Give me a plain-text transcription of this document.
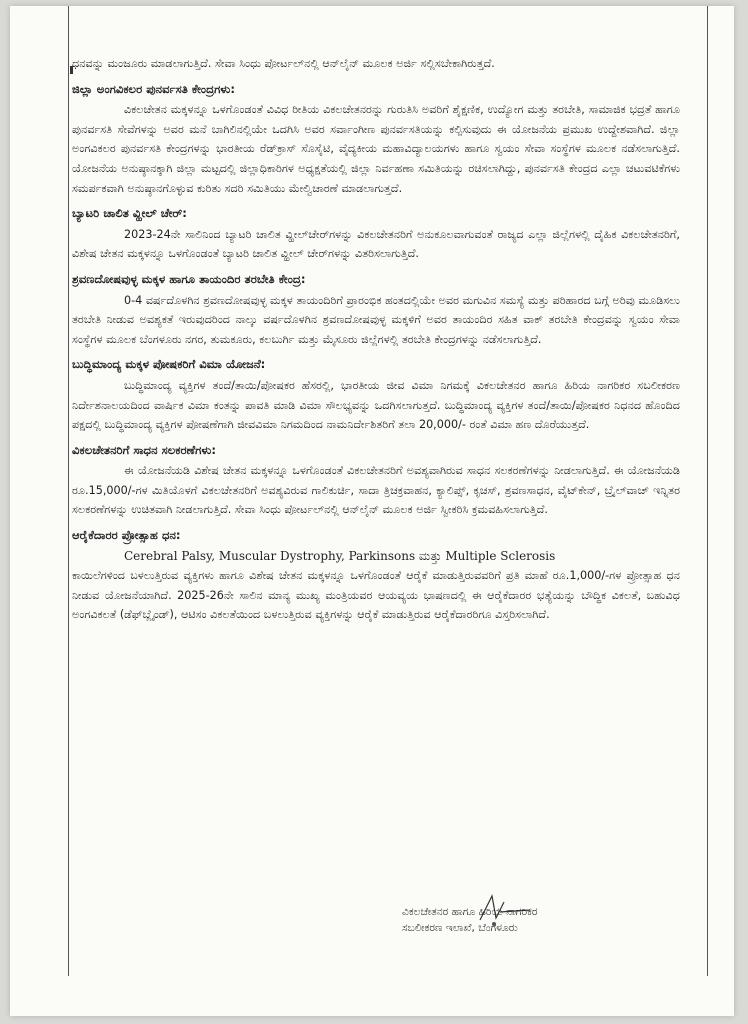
ಧನವನ್ನು ಮಂಜೂರು ಮಾಡಲಾಗುತ್ತಿದೆ. ಸೇವಾ ಸಿಂಧು ಪೋರ್ಟಲ್‌ನಲ್ಲಿ ಆನ್‌ಲೈನ್ ಮೂಲಕ ಅರ್ಜಿ ಸಲ್ಲಿಸಬೇಕಾಗಿರುತ್ತದೆ.

ಜಿಲ್ಲಾ ಅಂಗವಿಕಲರ ಪುನರ್ವಸತಿ ಕೇಂದ್ರಗಳು:

ವಿಕಲಚೇತನ ಮಕ್ಕಳನ್ನೂ ಒಳಗೊಂಡಂತೆ ವಿವಿಧ ರೀತಿಯ ವಿಕಲಚೇತನರನ್ನು ಗುರುತಿಸಿ ಅವರಿಗೆ ಶೈಕ್ಷಣಿಕ, ಉದ್ಯೋಗ ಮತ್ತು ತರಬೇತಿ, ಸಾಮಾಜಿಕ ಭದ್ರತೆ ಹಾಗೂ ಪುನರ್ವಸತಿ ಸೇವೆಗಳನ್ನು ಅವರ ಮನೆ ಬಾಗಿಲಿನಲ್ಲಿಯೇ ಒದಗಿಸಿ ಅವರ ಸರ್ವಾಂಗೀಣ ಪುನರ್ವಸತಿಯನ್ನು ಕಲ್ಪಿಸುವುದು ಈ ಯೋಜನೆಯ ಪ್ರಮುಖ ಉದ್ದೇಶವಾಗಿದೆ. ಜಿಲ್ಲಾ ಅಂಗವಿಕಲರ ಪುನರ್ವಸತಿ ಕೇಂದ್ರಗಳನ್ನು ಭಾರತೀಯ ರೆಡ್‌ಕ್ರಾಸ್ ಸೊಸೈಟಿ, ವೈದ್ಯಕೀಯ ಮಹಾವಿದ್ಯಾಲಯಗಳು ಹಾಗೂ ಸ್ವಯಂ ಸೇವಾ ಸಂಸ್ಥೆಗಳ ಮೂಲಕ ನಡೆಸಲಾಗುತ್ತಿದೆ. ಯೋಜನೆಯ ಅನುಷ್ಠಾನಕ್ಕಾಗಿ ಜಿಲ್ಲಾ ಮಟ್ಟದಲ್ಲಿ ಜಿಲ್ಲಾಧಿಕಾರಿಗಳ ಅಧ್ಯಕ್ಷತೆಯಲ್ಲಿ ಜಿಲ್ಲಾ ನಿರ್ವಹಣಾ ಸಮಿತಿಯನ್ನು ರಚಿಸಲಾಗಿದ್ದು, ಪುನರ್ವಸತಿ ಕೇಂದ್ರದ ಎಲ್ಲಾ ಚಟುವಟಿಕೆಗಳು ಸಮರ್ಪಕವಾಗಿ ಅನುಷ್ಠಾನಗೊಳ್ಳುವ ಕುರಿತು ಸದರಿ ಸಮಿತಿಯು ಮೇಲ್ವಿಚಾರಣೆ ಮಾಡಲಾಗುತ್ತದೆ.

ಬ್ಯಾಟರಿ ಚಾಲಿತ ವ್ಹೀಲ್ ಚೇರ್:

2023-24ನೇ ಸಾಲಿನಿಂದ ಬ್ಯಾಟರಿ ಚಾಲಿತ ವ್ಹೀಲ್‌ಚೇರ್‌ಗಳನ್ನು ವಿಕಲಚೇತನರಿಗೆ ಅನುಕೂಲವಾಗುವಂತೆ ರಾಜ್ಯದ ಎಲ್ಲಾ ಜಿಲ್ಲೆಗಳಲ್ಲಿ ದೈಹಿಕ ವಿಕಲಚೇತನರಿಗೆ, ವಿಶೇಷ ಚೇತನ ಮಕ್ಕಳನ್ನೂ ಒಳಗೊಂಡಂತೆ ಬ್ಯಾಟರಿ ಚಾಲಿತ ವ್ಹೀಲ್ ಚೇರ್‌ಗಳನ್ನು ವಿತರಿಸಲಾಗುತ್ತಿದೆ.

ಶ್ರವಣದೋಷವುಳ್ಳ ಮಕ್ಕಳ ಹಾಗೂ ತಾಯಂದಿರ ತರಬೇತಿ ಕೇಂದ್ರ:

0-4 ವರ್ಷದೊಳಗಿನ ಶ್ರವಣದೋಷವುಳ್ಳ ಮಕ್ಕಳ ತಾಯಂದಿರಿಗೆ ಪ್ರಾರಂಭಿಕ ಹಂತದಲ್ಲಿಯೇ ಅವರ ಮಗುವಿನ ಸಮಸ್ಯೆ ಮತ್ತು ಪರಿಹಾರದ ಬಗ್ಗೆ ಅರಿವು ಮೂಡಿಸಲು ತರಬೇತಿ ನೀಡುವ ಅವಶ್ಯಕತೆ ಇರುವುದರಿಂದ ನಾಲ್ಕು ವರ್ಷದೊಳಗಿನ ಶ್ರವಣದೋಷವುಳ್ಳ ಮಕ್ಕಳಿಗೆ ಅವರ ತಾಯಂದಿರ ಸಹಿತ ವಾಕ್ ತರಬೇತಿ ಕೇಂದ್ರವನ್ನು ಸ್ವಯಂ ಸೇವಾ ಸಂಸ್ಥೆಗಳ ಮೂಲಕ ಬೆಂಗಳೂರು ನಗರ, ತುಮಕೂರು, ಕಲಬುರ್ಗಿ ಮತ್ತು ಮೈಸೂರು ಜಿಲ್ಲೆಗಳಲ್ಲಿ ತರಬೇತಿ ಕೇಂದ್ರಗಳನ್ನು ನಡೆಸಲಾಗುತ್ತಿದೆ.

ಬುದ್ಧಿಮಾಂದ್ಯ ಮಕ್ಕಳ ಪೋಷಕರಿಗೆ ವಿಮಾ ಯೋಜನೆ:

ಬುದ್ಧಿಮಾಂದ್ಯ ವ್ಯಕ್ತಿಗಳ ತಂದೆ/ತಾಯಿ/ಪೋಷಕರ ಹೆಸರಲ್ಲಿ, ಭಾರತೀಯ ಜೀವ ವಿಮಾ ನಿಗಮಕ್ಕೆ ವಿಕಲಚೇತನರ ಹಾಗೂ ಹಿರಿಯ ನಾಗರಿಕರ ಸಬಲೀಕರಣ ನಿರ್ದೇಶನಾಲಯದಿಂದ ವಾರ್ಷಿಕ ವಿಮಾ ಕಂತನ್ನು ಪಾವತಿ ಮಾಡಿ ವಿಮಾ ಸೌಲಭ್ಯವನ್ನು ಒದಗಿಸಲಾಗುತ್ತದೆ. ಬುದ್ಧಿಮಾಂದ್ಯ ವ್ಯಕ್ತಿಗಳ ತಂದೆ/ತಾಯಿ/ಪೋಷಕರ ನಿಧನದ ಹೊಂದಿದ ಪಕ್ಷದಲ್ಲಿ ಬುದ್ಧಿಮಾಂದ್ಯ ವ್ಯಕ್ತಿಗಳ ಪೋಷಣೆಗಾಗಿ ಜೀವವಿಮಾ ನಿಗಮದಿಂದ ನಾಮನಿರ್ದೇಶಿತರಿಗೆ ತಲಾ 20,000/- ರಂತೆ ವಿಮಾ ಹಣ ದೊರೆಯುತ್ತದೆ.

ವಿಕಲಚೇತನರಿಗೆ ಸಾಧನ ಸಲಕರಣೆಗಳು:

ಈ ಯೋಜನೆಯಡಿ ವಿಶೇಷ ಚೇತನ ಮಕ್ಕಳನ್ನೂ ಒಳಗೊಂಡಂತೆ ವಿಕಲಚೇತನರಿಗೆ ಅವಶ್ಯವಾಗಿರುವ ಸಾಧನ ಸಲಕರಣೆಗಳನ್ನು ನೀಡಲಾಗುತ್ತಿದೆ. ಈ ಯೋಜನೆಯಡಿ ರೂ.15,000/-ಗಳ ಮಿತಿಯೊಳಗೆ ವಿಕಲಚೇತನರಿಗೆ ಅವಶ್ಯವಿರುವ ಗಾಲಿಕುರ್ಚಿ, ಸಾದಾ ತ್ರಿಚಕ್ರವಾಹನ, ಕ್ಯಾಲಿಪ್ಸ್, ಕೃಚಸ್, ಶ್ರವಣಸಾಧನ, ವೈಟ್‌ಕೇನ್, ಬ್ರೈಲ್‌ವಾಚ್ ಇನ್ನಿತರ ಸಲಕರಣೆಗಳನ್ನು ಉಚಿತವಾಗಿ ನೀಡಲಾಗುತ್ತಿದೆ. ಸೇವಾ ಸಿಂಧು ಪೋರ್ಟಲ್‌ನಲ್ಲಿ ಆನ್‌ಲೈನ್ ಮೂಲಕ ಅರ್ಜಿ ಸ್ವೀಕರಿಸಿ ಕ್ರಮವಹಿಸಲಾಗುತ್ತಿದೆ.

ಆರೈಕೆದಾರರ ಪ್ರೋತ್ಸಾಹ ಧನ:

Cerebral Palsy, Muscular Dystrophy, Parkinsons ಮತ್ತು Multiple Sclerosis

ಕಾಯಿಲೆಗಳಿಂದ ಬಳಲುತ್ತಿರುವ ವ್ಯಕ್ತಿಗಳು ಹಾಗೂ ವಿಶೇಷ ಚೇತನ ಮಕ್ಕಳನ್ನೂ ಒಳಗೊಂಡಂತೆ ಆರೈಕೆ ಮಾಡುತ್ತಿರುವವರಿಗೆ ಪ್ರತಿ ಮಾಹೆ ರೂ.1,000/-ಗಳ ಪ್ರೋತ್ಸಾಹ ಧನ ನೀಡುವ ಯೋಜನೆಯಾಗಿದೆ. 2025-26ನೇ ಸಾಲಿನ ಮಾನ್ಯ ಮುಖ್ಯ ಮಂತ್ರಿಯವರ ಆಯವ್ಯಯ ಭಾಷಣದಲ್ಲಿ ಈ ಆರೈಕೆದಾರರ ಭತ್ಯೆಯನ್ನು ಬೌದ್ಧಿಕ ವಿಕಲತೆ, ಬಹುವಿಧ ಅಂಗವಿಕಲತೆ (ಡೆಫ್‌ಬ್ಲೈಂಡ್), ಆಟಿಸಂ ವಿಕಲತೆಯಿಂದ ಬಳಲುತ್ತಿರುವ ವ್ಯಕ್ತಿಗಳನ್ನು ಆರೈಕೆ ಮಾಡುತ್ತಿರುವ ಆರೈಕೆದಾರರಿಗೂ ವಿಸ್ತರಿಸಲಾಗಿದೆ.

ವಿಕಲಚೇತನರ ಹಾಗೂ ಹಿರಿಯ ನಾಗರಿಕರ
ಸಬಲೀಕರಣ ಇಲಾಖೆ, ಬೆಂಗಳೂರು
